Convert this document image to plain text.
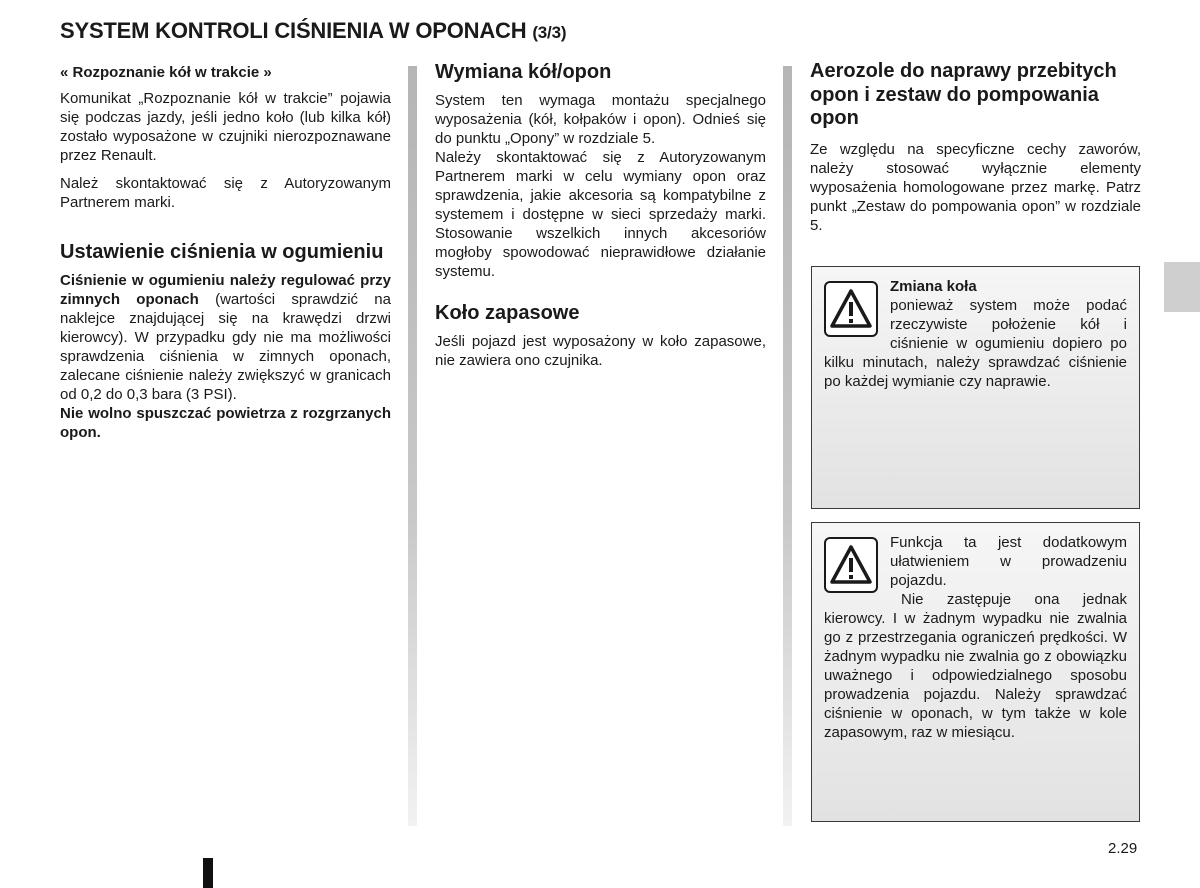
SYSTEM KONTROLI CIŚNIENIA W OPONACH (3/3)
« Rozpoznanie kół w trakcie »

Komunikat „Rozpoznanie kół w trakcie” pojawia się podczas jazdy, jeśli jedno koło (lub kilka kół) zostało wyposażone w czujniki nierozpoznawane przez Renault.

Należ skontaktować się z Autoryzowanym Partnerem marki.

Ustawienie ciśnienia w ogumieniu

Ciśnienie w ogumieniu należy regulować przy zimnych oponach (wartości sprawdzić na naklejce znajdującej się na krawędzi drzwi kierowcy). W przypadku gdy nie ma możliwości sprawdzenia ciśnienia w zimnych oponach, zalecane ciśnienie należy zwiększyć w granicach od 0,2 do 0,3 bara (3 PSI).

Nie wolno spuszczać powietrza z rozgrzanych opon.

Wymiana kół/opon

System ten wymaga montażu specjalnego wyposażenia (kół, kołpaków i opon). Odnieś się do punktu „Opony” w rozdziale 5.

Należy skontaktować się z Autoryzowanym Partnerem marki w celu wymiany opon oraz sprawdzenia, jakie akcesoria są kompatybilne z systemem i dostępne w sieci sprzedaży marki. Stosowanie wszelkich innych akcesoriów mogłoby spowodować nieprawidłowe działanie systemu.

Koło zapasowe

Jeśli pojazd jest wyposażony w koło zapasowe, nie zawiera ono czujnika.

Aerozole do naprawy przebitych opon i zestaw do pompowania opon

Ze względu na specyficzne cechy zaworów, należy stosować wyłącznie elementy wyposażenia homologowane przez markę. Patrz punkt „Zestaw do pompowania opon” w rozdziale 5.

Zmiana koła

ponieważ system może podać rzeczywiste położenie kół i ciśnienie w ogumieniu dopiero po kilku minutach, należy sprawdzać ciśnienie po każdej wymianie czy naprawie.

Funkcja ta jest dodatkowym ułatwieniem w prowadzeniu pojazdu.

Nie zastępuje ona jednak kierowcy. I w żadnym wypadku nie zwalnia go z przestrzegania ograniczeń prędkości. W żadnym wypadku nie zwalnia go z obowiązku uważnego i odpowiedzialnego sposobu prowadzenia pojazdu. Należy sprawdzać ciśnienie w oponach, w tym także w kole zapasowym, raz w miesiącu.

2.29
